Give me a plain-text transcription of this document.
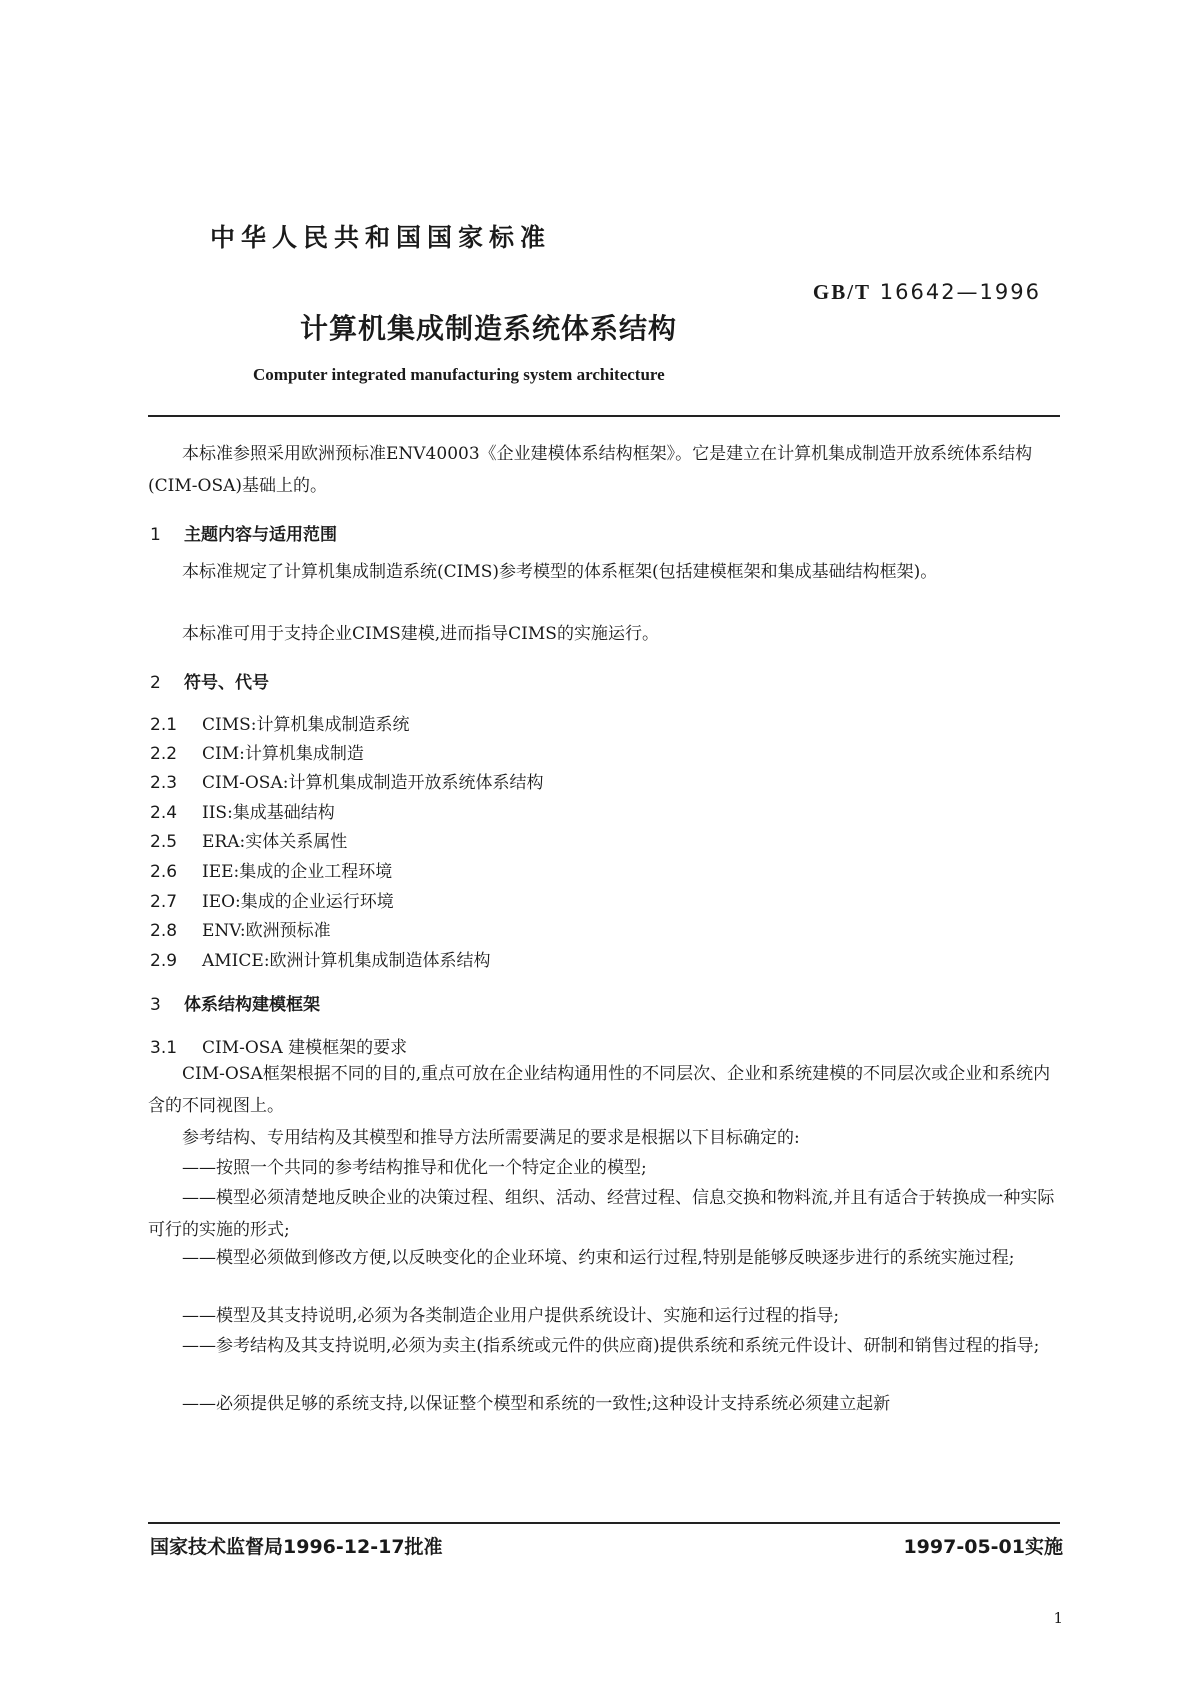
中华人民共和国国家标准
GB/T 16642—1996
计算机集成制造系统体系结构
Computer integrated manufacturing system architecture
本标准参照采用欧洲预标准ENV40003《企业建模体系结构框架》。它是建立在计算机集成制造开放系统体系结构(CIM-OSA)基础上的。
1 主题内容与适用范围
本标准规定了计算机集成制造系统(CIMS)参考模型的体系框架(包括建模框架和集成基础结构框架)。
本标准可用于支持企业CIMS建模,进而指导CIMS的实施运行。
2 符号、代号
2.1 CIMS:计算机集成制造系统
2.2 CIM:计算机集成制造
2.3 CIM-OSA:计算机集成制造开放系统体系结构
2.4 IIS:集成基础结构
2.5 ERA:实体关系属性
2.6 IEE:集成的企业工程环境
2.7 IEO:集成的企业运行环境
2.8 ENV:欧洲预标准
2.9 AMICE:欧洲计算机集成制造体系结构
3 体系结构建模框架
3.1 CIM-OSA 建模框架的要求
CIM-OSA框架根据不同的目的,重点可放在企业结构通用性的不同层次、企业和系统建模的不同层次或企业和系统内含的不同视图上。
参考结构、专用结构及其模型和推导方法所需要满足的要求是根据以下目标确定的:
——按照一个共同的参考结构推导和优化一个特定企业的模型;
——模型必须清楚地反映企业的决策过程、组织、活动、经营过程、信息交换和物料流,并且有适合于转换成一种实际可行的实施的形式;
——模型必须做到修改方便,以反映变化的企业环境、约束和运行过程,特别是能够反映逐步进行的系统实施过程;
——模型及其支持说明,必须为各类制造企业用户提供系统设计、实施和运行过程的指导;
——参考结构及其支持说明,必须为卖主(指系统或元件的供应商)提供系统和系统元件设计、研制和销售过程的指导;
——必须提供足够的系统支持,以保证整个模型和系统的一致性;这种设计支持系统必须建立起新
国家技术监督局1996-12-17批准	1997-05-01实施
1
